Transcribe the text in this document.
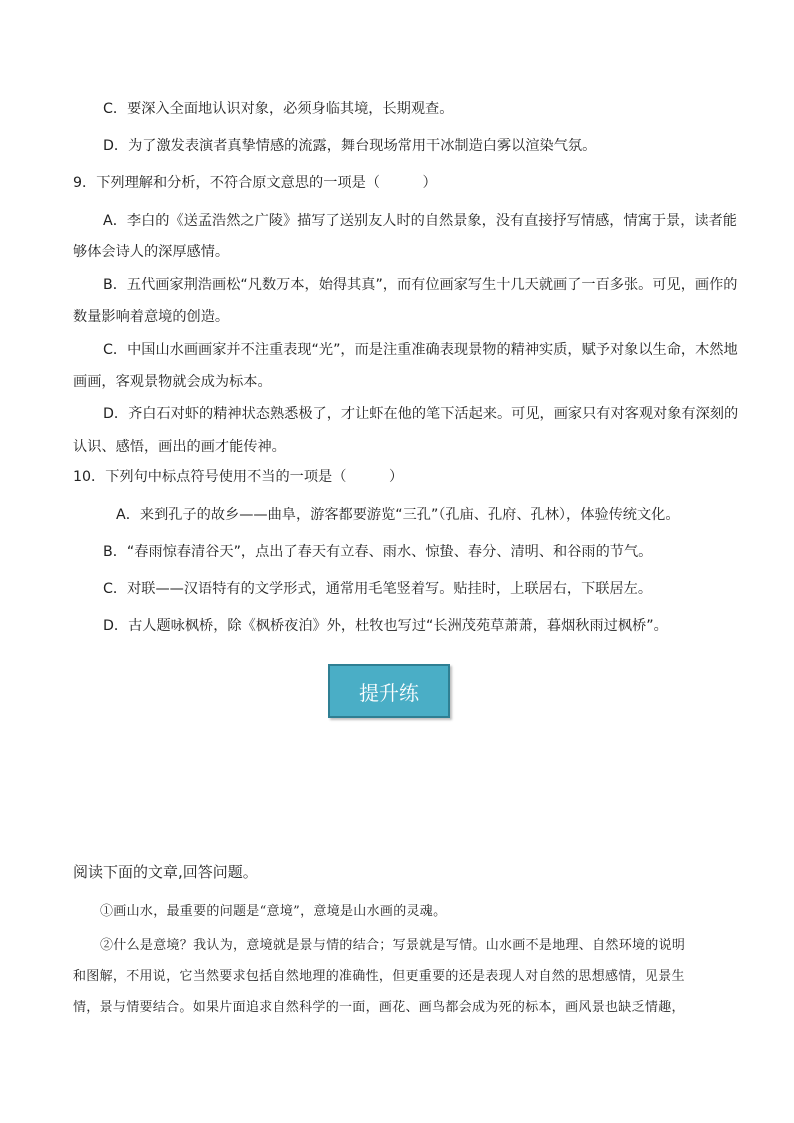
C．要深入全面地认识对象，必须身临其境，长期观查。
D．为了激发表演者真挚情感的流露，舞台现场常用干冰制造白雾以渲染气氛。
9．下列理解和分析，不符合原文意思的一项是（　　　）
A．李白的《送孟浩然之广陵》描写了送别友人时的自然景象，没有直接抒写情感，情寓于景，读者能
够体会诗人的深厚感情。
B．五代画家荆浩画松“凡数万本，始得其真”，而有位画家写生十几天就画了一百多张。可见，画作的
数量影响着意境的创造。
C．中国山水画画家并不注重表现“光”，而是注重准确表现景物的精神实质，赋予对象以生命，木然地
画画，客观景物就会成为标本。
D．齐白石对虾的精神状态熟悉极了，才让虾在他的笔下活起来。可见，画家只有对客观对象有深刻的
认识、感悟，画出的画才能传神。
10．下列句中标点符号使用不当的一项是（　　　）
A．来到孔子的故乡——曲阜，游客都要游览“三孔”（孔庙、孔府、孔林），体验传统文化。
B．“春雨惊春清谷天”，点出了春天有立春、雨水、惊蛰、春分、清明、和谷雨的节气。
C．对联——汉语特有的文学形式，通常用毛笔竖着写。贴挂时，上联居右，下联居左。
D．古人题咏枫桥，除《枫桥夜泊》外，杜牧也写过“长洲茂苑草萧萧，暮烟秋雨过枫桥”。
提升练
阅读下面的文章,回答问题。
①画山水，最重要的问题是“意境”，意境是山水画的灵魂。
②什么是意境？我认为，意境就是景与情的结合；写景就是写情。山水画不是地理、自然环境的说明
和图解，不用说，它当然要求包括自然地理的准确性，但更重要的还是表现人对自然的思想感情，见景生
情，景与情要结合。如果片面追求自然科学的一面，画花、画鸟都会成为死的标本，画风景也缺乏情趣，
